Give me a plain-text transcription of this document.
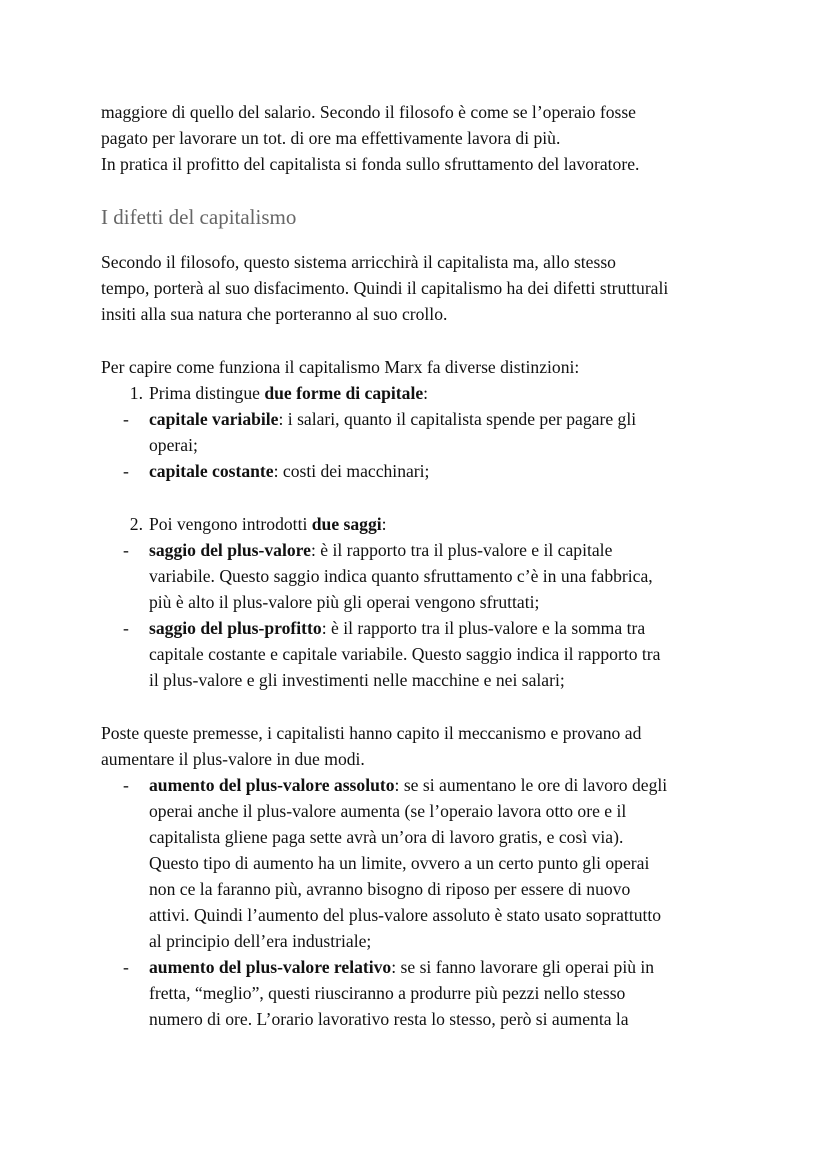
maggiore di quello del salario. Secondo il filosofo è come se l’operaio fosse
pagato per lavorare un tot. di ore ma effettivamente lavora di più.
In pratica il profitto del capitalista si fonda sullo sfruttamento del lavoratore.
I difetti del capitalismo
Secondo il filosofo, questo sistema arricchirà il capitalista ma, allo stesso
tempo, porterà al suo disfacimento. Quindi il capitalismo ha dei difetti strutturali
insiti alla sua natura che porteranno al suo crollo.

Per capire come funziona il capitalismo Marx fa diverse distinzioni:

1. Prima distingue due forme di capitale:
-	capitale variabile: i salari, quanto il capitalista spende per pagare gli
operai;
-	capitale costante: costi dei macchinari;
2. Poi vengono introdotti due saggi:
-	saggio del plus-valore: è il rapporto tra il plus-valore e il capitale
variabile. Questo saggio indica quanto sfruttamento c’è in una fabbrica,
più è alto il plus-valore più gli operai vengono sfruttati;
-	saggio del plus-profitto: è il rapporto tra il plus-valore e la somma tra
capitale costante e capitale variabile. Questo saggio indica il rapporto tra
il plus-valore e gli investimenti nelle macchine e nei salari;
Poste queste premesse, i capitalisti hanno capito il meccanismo e provano ad
aumentare il plus-valore in due modi.
-	aumento del plus-valore assoluto: se si aumentano le ore di lavoro degli
operai anche il plus-valore aumenta (se l’operaio lavora otto ore e il
capitalista gliene paga sette avrà un’ora di lavoro gratis, e così via).
Questo tipo di aumento ha un limite, ovvero a un certo punto gli operai
non ce la faranno più, avranno bisogno di riposo per essere di nuovo
attivi. Quindi l’aumento del plus-valore assoluto è stato usato soprattutto
al principio dell’era industriale;
-	aumento del plus-valore relativo: se si fanno lavorare gli operai più in
fretta, “meglio”, questi riusciranno a produrre più pezzi nello stesso
numero di ore. L’orario lavorativo resta lo stesso, però si aumenta la
